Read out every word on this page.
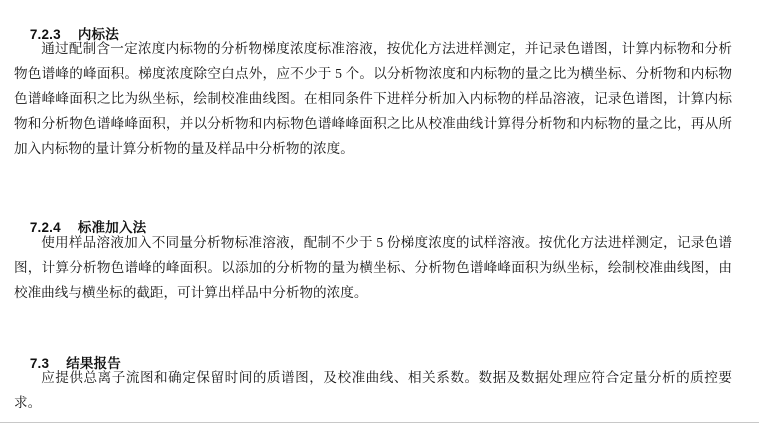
7.2.3 内标法

通过配制含一定浓度内标物的分析物梯度浓度标准溶液，按优化方法进样测定，并记录色谱图，计算内标物和分析物色谱峰的峰面积。梯度浓度除空白点外，应不少于 5 个。以分析物浓度和内标物的量之比为横坐标、分析物和内标物色谱峰峰面积之比为纵坐标，绘制校准曲线图。在相同条件下进样分析加入内标物的样品溶液，记录色谱图，计算内标物和分析物色谱峰峰面积，并以分析物和内标物色谱峰峰面积之比从校准曲线计算得分析物和内标物的量之比，再从所加入内标物的量计算分析物的量及样品中分析物的浓度。

7.2.4 标准加入法

使用样品溶液加入不同量分析物标准溶液，配制不少于 5 份梯度浓度的试样溶液。按优化方法进样测定，记录色谱图，计算分析物色谱峰的峰面积。以添加的分析物的量为横坐标、分析物色谱峰峰面积为纵坐标，绘制校准曲线图，由校准曲线与横坐标的截距，可计算出样品中分析物的浓度。

7.3 结果报告

应提供总离子流图和确定保留时间的质谱图，及校准曲线、相关系数。数据及数据处理应符合定量分析的质控要求。
